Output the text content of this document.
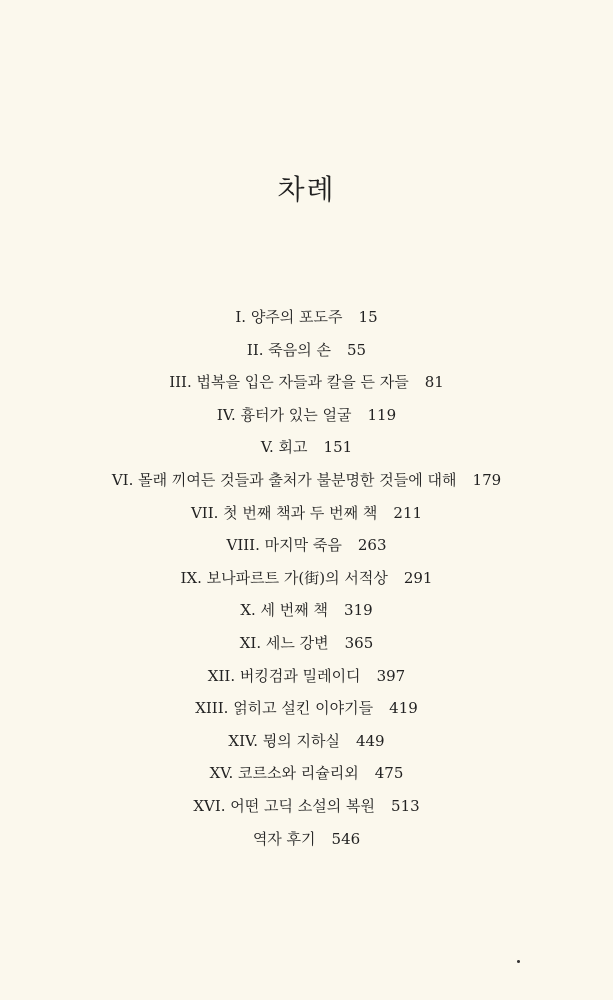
차례
I. 양주의 포도주 15
II. 죽음의 손 55
III. 법복을 입은 자들과 칼을 든 자들 81
IV. 흉터가 있는 얼굴 119
V. 회고 151
VI. 몰래 끼여든 것들과 출처가 불분명한 것들에 대해 179
VII. 첫 번째 책과 두 번째 책 211
VIII. 마지막 죽음 263
IX. 보나파르트 가(街)의 서적상 291
X. 세 번째 책 319
XI. 세느 강변 365
XII. 버킹검과 밀레이디 397
XIII. 얽히고 설킨 이야기들 419
XIV. 뮝의 지하실 449
XV. 코르소와 리슐리외 475
XVI. 어떤 고딕 소설의 복원 513
역자 후기 546
